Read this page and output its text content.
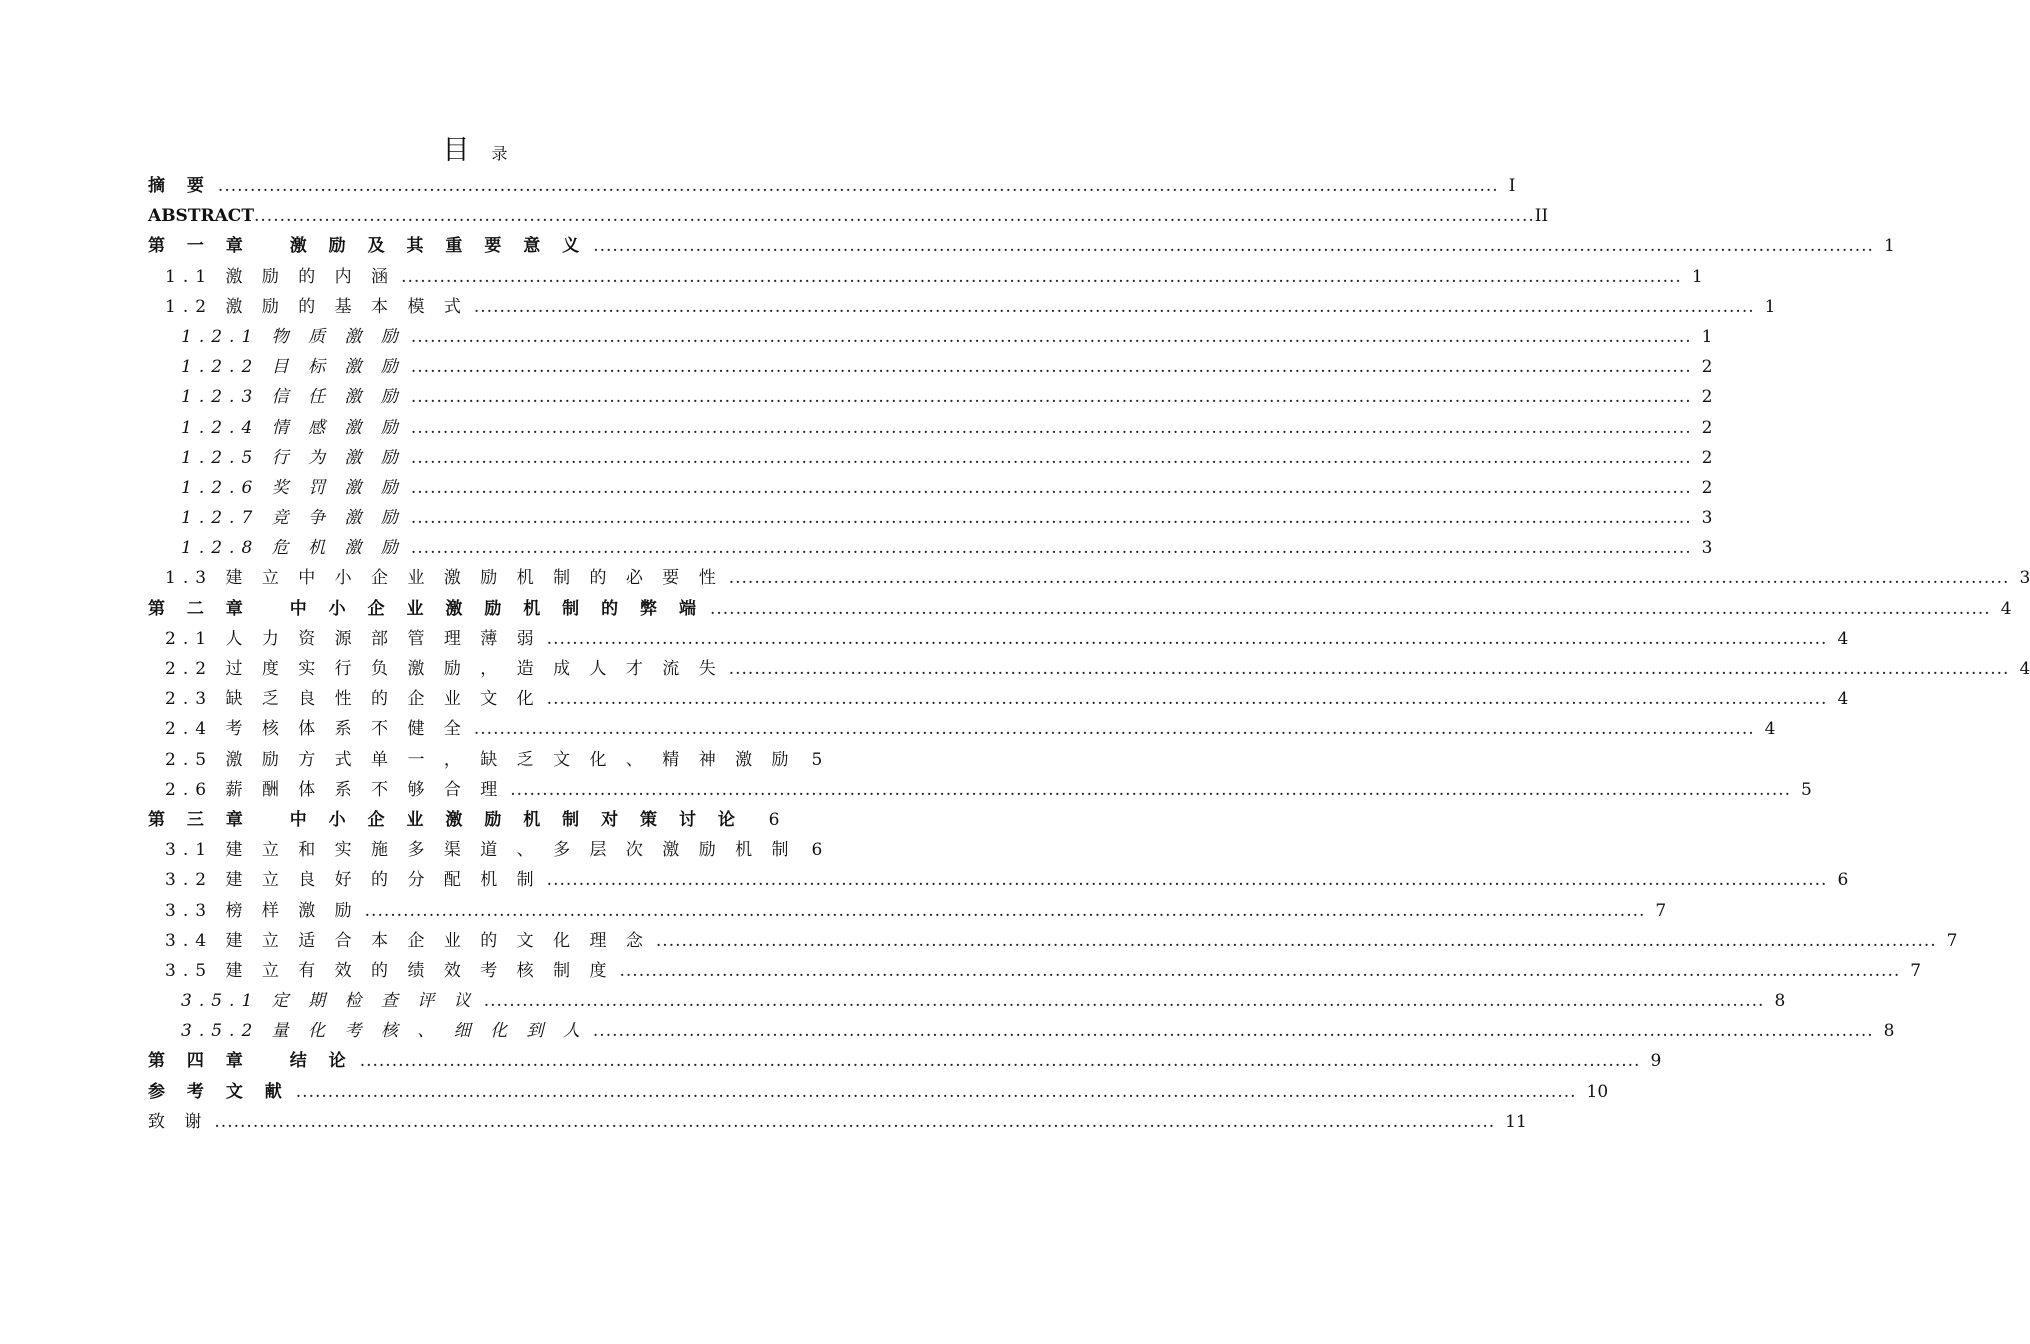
目 录
摘 要 ........................................................................................................................................................................................................ I
ABSTRACT ........................................................................................................................................................................................................ II
第 一 章 　激 励 及 其 重 要 意 义 ........................................................................................................................................................................................................ 1
1.1 激 励 的 内 涵 ........................................................................................................................................................................................................ 1
1.2 激 励 的 基 本 模 式 ........................................................................................................................................................................................................ 1
1.2.1 物 质 激 励 ........................................................................................................................................................................................................ 1
1.2.2 目 标 激 励 ........................................................................................................................................................................................................ 2
1.2.3 信 任 激 励 ........................................................................................................................................................................................................ 2
1.2.4 情 感 激 励 ........................................................................................................................................................................................................ 2
1.2.5 行 为 激 励 ........................................................................................................................................................................................................ 2
1.2.6 奖 罚 激 励 ........................................................................................................................................................................................................ 2
1.2.7 竞 争 激 励 ........................................................................................................................................................................................................ 3
1.2.8 危 机 激 励 ........................................................................................................................................................................................................ 3
1.3 建 立 中 小 企 业 激 励 机 制 的 必 要 性 ........................................................................................................................................................................................................ 3
第 二 章 　中 小 企 业 激 励 机 制 的 弊 端 ........................................................................................................................................................................................................ 4
2.1 人 力 资 源 部 管 理 薄 弱 ........................................................................................................................................................................................................ 4
2.2 过 度 实 行 负 激 励 ， 造 成 人 才 流 失 ........................................................................................................................................................................................................ 4
2.3 缺 乏 良 性 的 企 业 文 化 ........................................................................................................................................................................................................ 4
2.4 考 核 体 系 不 健 全 ........................................................................................................................................................................................................ 4
2.5 激 励 方 式 单 一 ， 缺 乏 文 化 、 精 神 激 励 5
2.6 薪 酬 体 系 不 够 合 理 ........................................................................................................................................................................................................ 5
第 三 章 　中 小 企 业 激 励 机 制 对 策 讨 论	6
3.1 建 立 和 实 施 多 渠 道 、 多 层 次 激 励 机 制 6
3.2 建 立 良 好 的 分 配 机 制 ........................................................................................................................................................................................................ 6
3.3 榜 样 激 励 ........................................................................................................................................................................................................ 7
3.4 建 立 适 合 本 企 业 的 文 化 理 念 ........................................................................................................................................................................................................ 7
3.5 建 立 有 效 的 绩 效 考 核 制 度 ........................................................................................................................................................................................................ 7
3.5.1 定 期 检 查 评 议 ........................................................................................................................................................................................................ 8
3.5.2 量 化 考 核 、 细 化 到 人 ........................................................................................................................................................................................................ 8
第 四 章 　结 论 ........................................................................................................................................................................................................ 9
参 考 文 献 ........................................................................................................................................................................................................ 10
致 谢 ........................................................................................................................................................................................................ 11
